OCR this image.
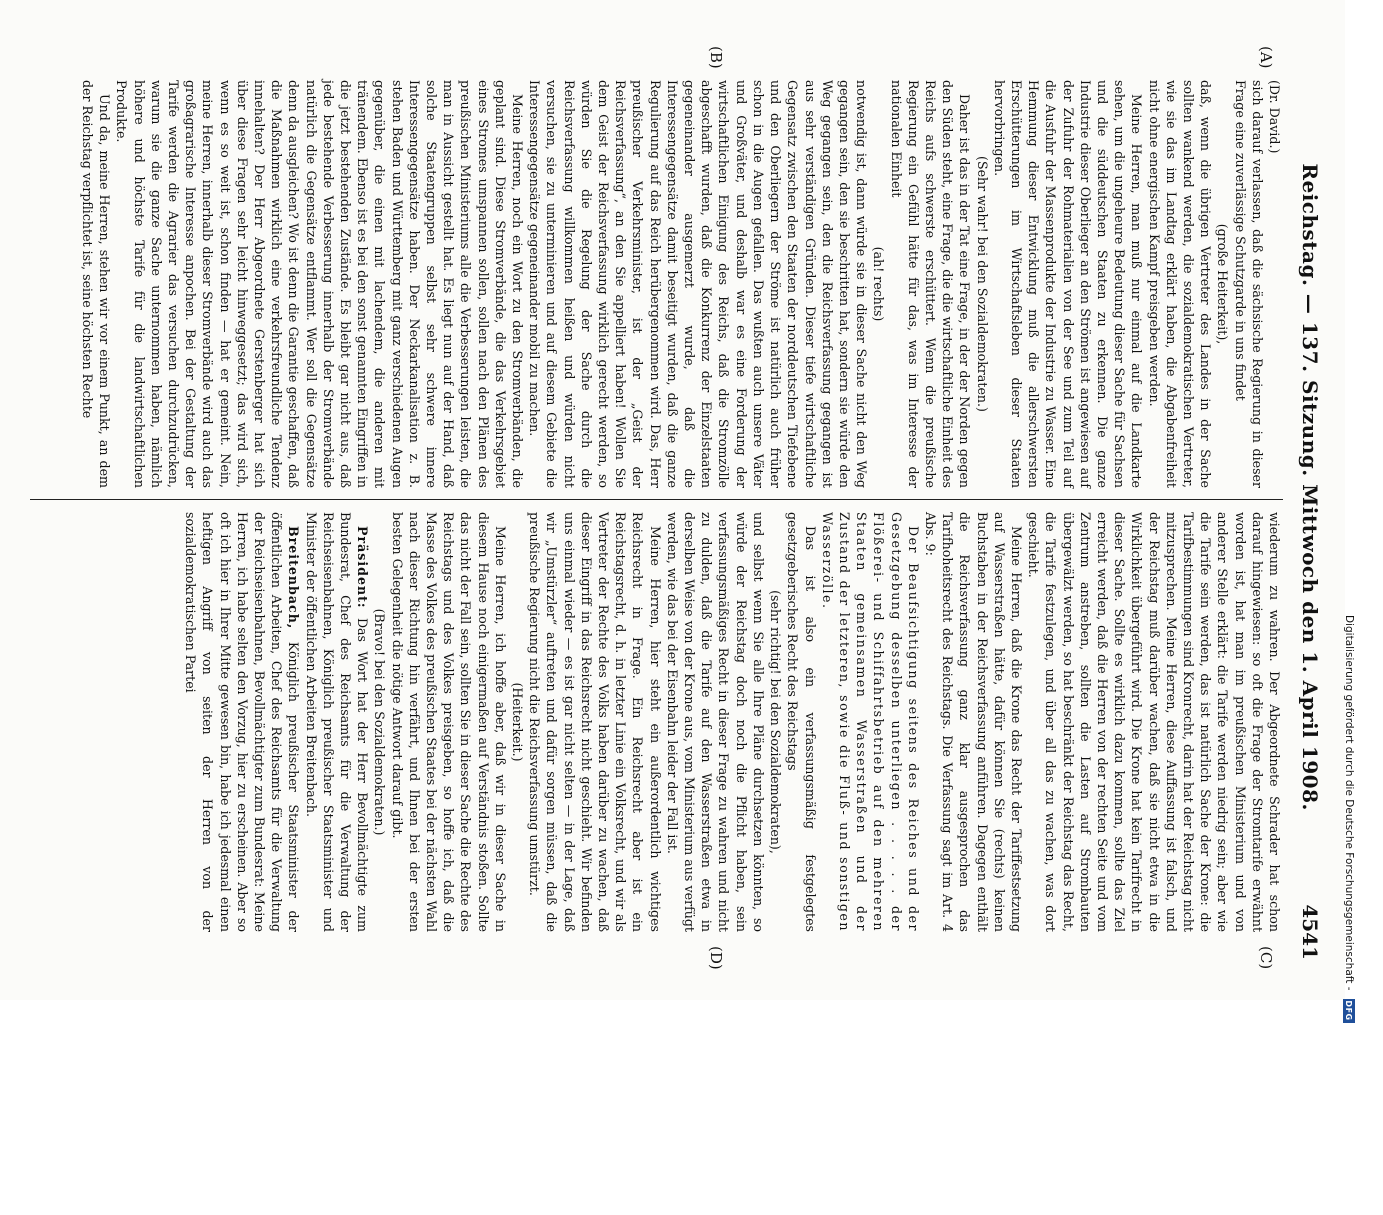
Reichstag. — 137. Sitzung. Mittwoch den 1. April 1908.
4541
(A)
(B)
(C)
(D)

(Dr. David.)

sich darauf verlassen, daß die sächsische Regierung in dieser Frage eine zuverlässige Schutzgarde in uns findet

(große Heiterkeit),

daß, wenn die übrigen Vertreter des Landes in der Sache sollten wankend werden, die sozialdemokratischen Vertreter, wie sie das im Landtag erklärt haben, die Abgabenfreiheit nicht ohne energischen Kampf preisgeben werden.

Meine Herren, man muß nur einmal auf die Landkarte sehen, um die ungeheure Bedeutung dieser Sache für Sachsen und die süddeutschen Staaten zu erkennen. Die ganze Industrie dieser Oberlieger an den Strömen ist angewiesen auf der Zufuhr der Rohmaterialien von der See und zum Teil auf die Ausfuhr der Massenprodukte der Industrie zu Wasser. Eine Hemmung dieser Entwicklung muß die allerschwersten Erschütterungen im Wirtschaftsleben dieser Staaten hervorbringen.

(Sehr wahr! bei den Sozialdemokraten.)

Daher ist das in der Tat eine Frage, in der der Norden gegen den Süden steht, eine Frage, die die wirtschaftliche Einheit des Reichs aufs schwerste erschüttert. Wenn die preußische Regierung ein Gefühl hätte für das, was im Interesse der nationalen Einheit

(ah! rechts)

notwendig ist, dann würde sie in dieser Sache nicht den Weg gegangen sein, den sie beschritten hat, sondern sie würde den Weg gegangen sein, den die Reichsverfassung gegangen ist aus sehr verständigen Gründen. Dieser tiefe wirtschaftliche Gegensatz zwischen den Staaten der norddeutschen Tiefebene und den Oberliegern der Ströme ist natürlich auch früher schon in die Augen gefallen. Das wußten auch unsere Väter und Großväter, und deshalb war es eine Forderung der wirtschaftlichen Einigung des Reichs, daß die Stromzölle abgeschafft wurden, daß die Konkurrenz der Einzelstaaten gegeneinander ausgemerzt wurde, daß die Interessengegensätze damit beseitigt wurden, daß die ganze Regulierung auf das Reich herübergenommen wird. Das, Herr preußischer Verkehrsminister, ist der „Geist der Reichsverfassung“, an den Sie appelliert haben! Wollen Sie dem Geist der Reichsverfassung wirklich gerecht werden, so würden Sie die Regelung der Sache durch die Reichsverfassung willkommen heißen und würden nicht versuchen, sie zu unterminieren und auf diesem Gebiete die Interessengegensätze gegeneinander mobil zu machen.

Meine Herren, noch ein Wort zu den Stromverbänden, die geplant sind. Diese Stromverbände, die das Verkehrsgebiet eines Stromes umspannen sollen, sollen nach den Plänen des preußischen Ministeriums alle die Verbesserungen leisten, die man in Aussicht gestellt hat. Es liegt nun auf der Hand, daß solche Staatengruppen selbst sehr schwere innere Interessengegensätze haben. Der Neckarkanalisation z. B. stehen Baden und Württemberg mit ganz verschiedenen Augen gegenüber, die einen mit lachendem, die anderen mit tränendem. Ebenso ist es bei den sonst genannten Eingriffen in die jetzt bestehenden Zustände. Es bleibt gar nicht aus, daß jede bestehende Verbesserung innerhalb der Stromverbände natürlich die Gegensätze entflammt. Wer soll die Gegensätze denn da ausgleichen? Wo ist denn die Garantie geschaffen, daß die Maßnahmen wirklich eine verkehrsfreundliche Tendenz innehalten? Der Herr Abgeordnete Gerstenberger hat sich über diese Fragen sehr leicht hinweggesetzt; das wird sich, wenn es so weit ist, schon finden — hat er gemeint. Nein, meine Herren, innerhalb dieser Stromverbände wird auch das großagrarische Interesse anpochen. Bei der Gestaltung der Tarife werden die Agrarier das versuchen durchzudrücken, warum sie die ganze Sache unternommen haben, nämlich höhere und höchste Tarife für die landwirtschaftlichen Produkte.

Und da, meine Herren, stehen wir vor einem Punkt, an dem der Reichstag verpflichtet ist, seine höchsten Rechte

wiederum zu wahren. Der Abgeordnete Schrader hat schon darauf hingewiesen: so oft die Frage der Stromtarife erwähnt worden ist, hat man im preußischen Ministerium und von anderer Stelle erklärt: die Tarife werden niedrig sein; aber wie die Tarife sein werden, das ist natürlich Sache der Krone: die Tarifbestimmungen sind Kronrecht, darin hat der Reichstag nicht mitzusprechen. Meine Herren, diese Auffassung ist falsch, und der Reichstag muß darüber wachen, daß sie nicht etwa in die Wirklichkeit übergeführt wird. Die Krone hat kein Tarifrecht in dieser Sache. Sollte es wirklich dazu kommen, sollte das Ziel erreicht werden, daß die Herren von der rechten Seite und vom Zentrum anstreben, sollten die Lasten auf Strombauten übergewälzt werden, so hat beschränkt der Reichstag das Recht, die Tarife festzulegen, und über all das zu wachen, was dort geschieht.

Meine Herren, daß die Krone das Recht der Tariffestsetzung auf Wasserstraßen hätte, dafür können Sie (rechts) keinen Buchstaben in der Reichsverfassung anführen. Dagegen enthält die Reichsverfassung ganz klar ausgesprochen das Tarifhoheitsrecht des Reichstags. Die Verfassung sagt im Art. 4 Abs. 9:

Der Beaufsichtigung seitens des Reiches und der Gesetzgebung desselben unterliegen . . . . . der Flößerei- und Schiffahrtsbetrieb auf den mehreren Staaten gemeinsamen Wasserstraßen und der Zustand der letzteren, sowie die Fluß- und sonstigen Wasserzölle.

Das ist also ein verfassungsmäßig festgelegtes gesetzgeberisches Recht des Reichstags

(sehr richtig! bei den Sozialdemokraten),

und selbst wenn Sie alle Ihre Pläne durchsetzen könnten, so würde der Reichstag doch noch die Pflicht haben, sein verfassungsmäßiges Recht in dieser Frage zu wahren und nicht zu dulden, daß die Tarife auf den Wasserstraßen etwa in derselben Weise von der Krone aus, vom Ministerium aus verfügt werden, wie das bei der Eisenbahn leider der Fall ist.

Meine Herren, hier steht ein außerordentlich wichtiges Reichsrecht in Frage. Ein Reichsrecht aber ist ein Reichstagsrecht, d. h. in letzter Linie ein Volksrecht, und wir als Vertreter der Rechte des Volks haben darüber zu wachen, daß dieser Eingriff in das Reichsrecht nicht geschieht. Wir befinden uns einmal wieder — es ist gar nicht selten — in der Lage, daß wir „Umstürzler“ auftreten und dafür sorgen müssen, daß die preußische Regierung nicht die Reichsverfassung umstürzt.

(Heiterkeit.)

Meine Herren, ich hoffe aber, daß wir in dieser Sache in diesem Hause noch einigermaßen auf Verständnis stoßen. Sollte das nicht der Fall sein, sollten Sie in dieser Sache die Rechte des Reichstags und des Volkes preisgeben, so hoffe ich, daß die Masse des Volkes des preußischen Staates bei der nächsten Wahl nach dieser Richtung hin verfährt, und Ihnen bei der ersten besten Gelegenheit die nötige Antwort darauf gibt.

(Bravo! bei den Sozialdemokraten.)

Präsident: Das Wort hat der Herr Bevollmächtigte zum Bundesrat, Chef des Reichsamts für die Verwaltung der Reichseisenbahnen, Königlich preußischer Staatsminister und Minister der öffentlichen Arbeiten Breitenbach.

Breitenbach, Königlich preußischer Staatsminister der öffentlichen Arbeiten, Chef des Reichsamts für die Verwaltung der Reichseisenbahnen, Bevollmächtigter zum Bundesrat: Meine Herren, ich habe selten den Vorzug, hier zu erscheinen. Aber so oft ich hier in Ihrer Mitte gewesen bin, habe ich jedesmal einen heftigen Angriff von seiten der Herren von der sozialdemokratischen Partei

Digitalisierung gefördert durch die Deutsche Forschungsgemeinschaft -
DFG
